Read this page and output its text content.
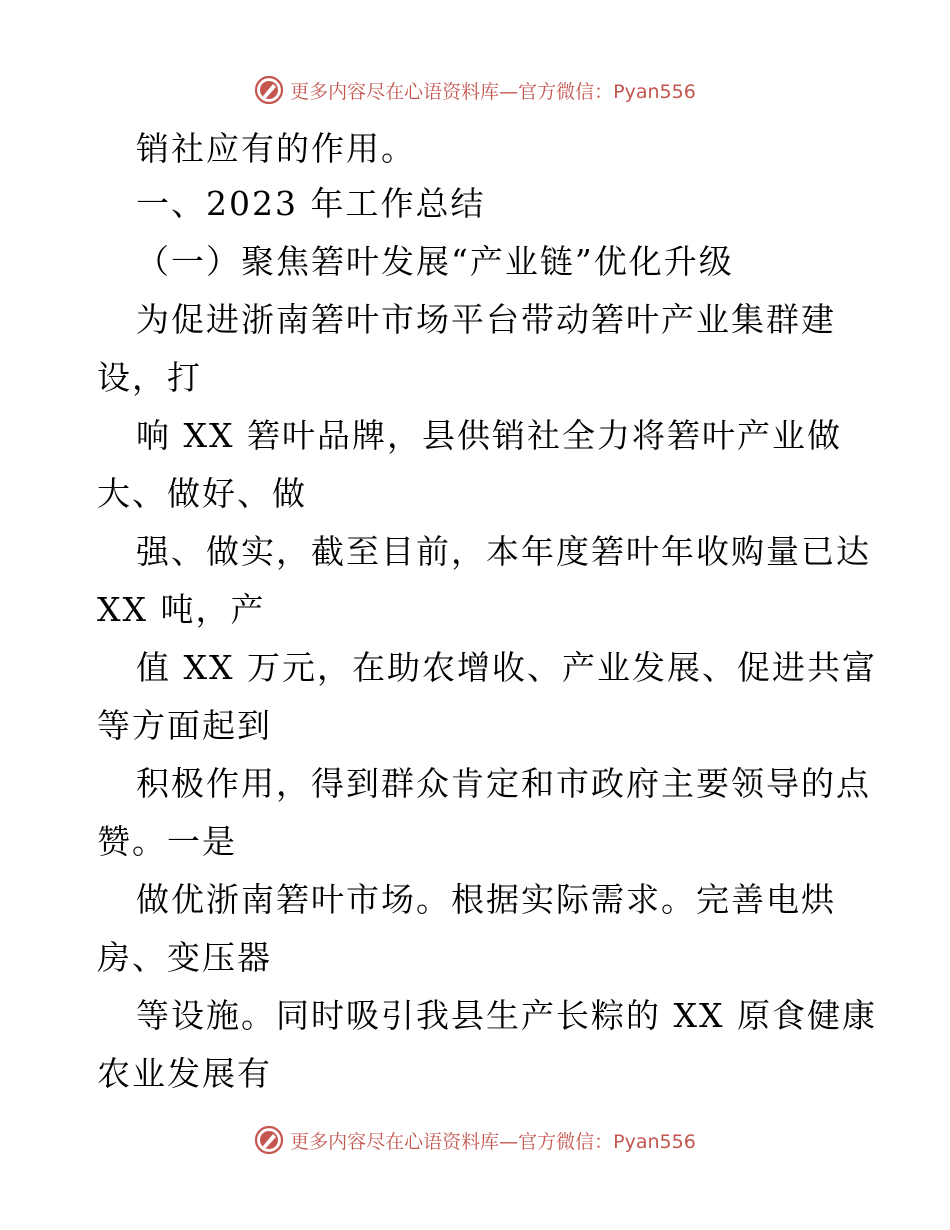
更多内容尽在心语资料库—官方微信：Pyan556
销社应有的作用。
一、2023 年工作总结
（一）聚焦箬叶发展“产业链”优化升级
为促进浙南箬叶市场平台带动箬叶产业集群建
设，打
响 XX 箬叶品牌，县供销社全力将箬叶产业做
大、做好、做
强、做实，截至目前，本年度箬叶年收购量已达
XX 吨，产
值 XX 万元，在助农增收、产业发展、促进共富
等方面起到
积极作用，得到群众肯定和市政府主要领导的点
赞。一是
做优浙南箬叶市场。根据实际需求。完善电烘
房、变压器
等设施。同时吸引我县生产长粽的 XX 原食健康
农业发展有
更多内容尽在心语资料库—官方微信：Pyan556
